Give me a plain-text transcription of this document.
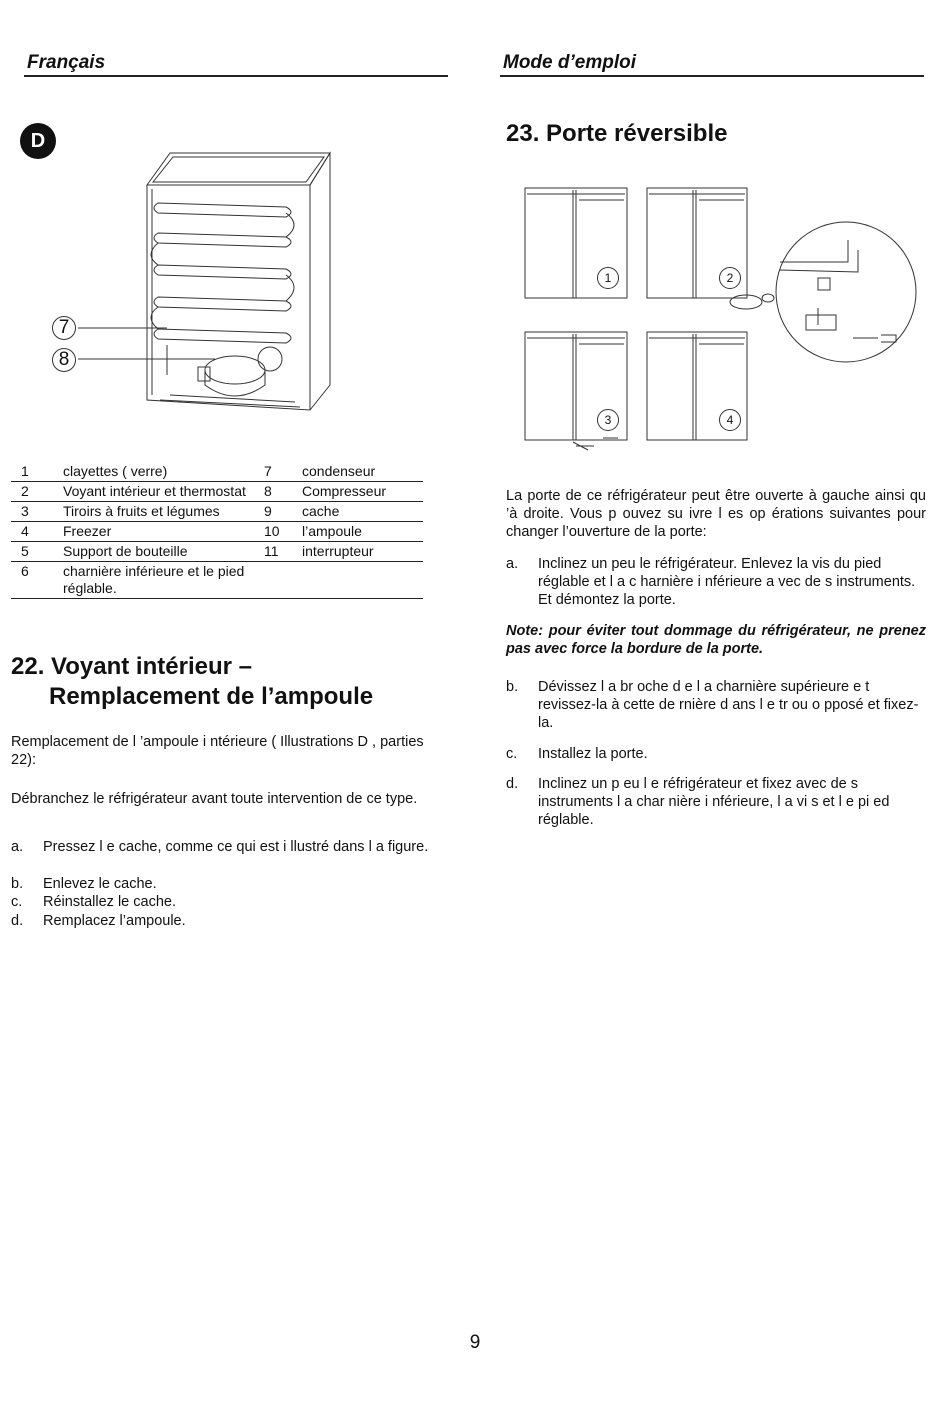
Français	Mode d’emploi
D
7
8
1	clayettes ( verre)	7	condenseur
2	Voyant intérieur et thermostat	8	Compresseur
3	Tiroirs à fruits et légumes	9	cache
4	Freezer	10	l’ampoule
5	Support de bouteille	11	interrupteur
6	charnière inférieure et le pied réglable.		
22. Voyant intérieur –
Remplacement de l’ampoule
Remplacement de l ’ampoule i ntérieure ( Illustrations D , parties 22):
Débranchez le réfrigérateur avant toute intervention de ce type.
a. Pressez l e cache, comme ce qui est i llustré dans l a figure.
b. Enlevez le cache.
c. Réinstallez le cache.
d. Remplacez l’ampoule.
23. Porte réversible
1	2
3	4
La porte de ce réfrigérateur peut être ouverte à gauche ainsi qu ’à droite. Vous p ouvez su ivre l es op érations suivantes pour changer l’ouverture de la porte:
a. Inclinez un peu le réfrigérateur. Enlevez la vis du pied réglable et l a c harnière i nférieure a vec de s instruments. Et démontez la porte.
Note: pour éviter tout dommage du réfrigérateur, ne prenez pas avec force la bordure de la porte.
b. Dévissez l a br oche d e l a charnière supérieure e t revissez-la à cette de rnière d ans l e tr ou o pposé et fixez-la.
c. Installez la porte.
d. Inclinez un p eu l e réfrigérateur et fixez avec de s instruments l a char nière i nférieure, l a vi s et l e pi ed réglable.
9
